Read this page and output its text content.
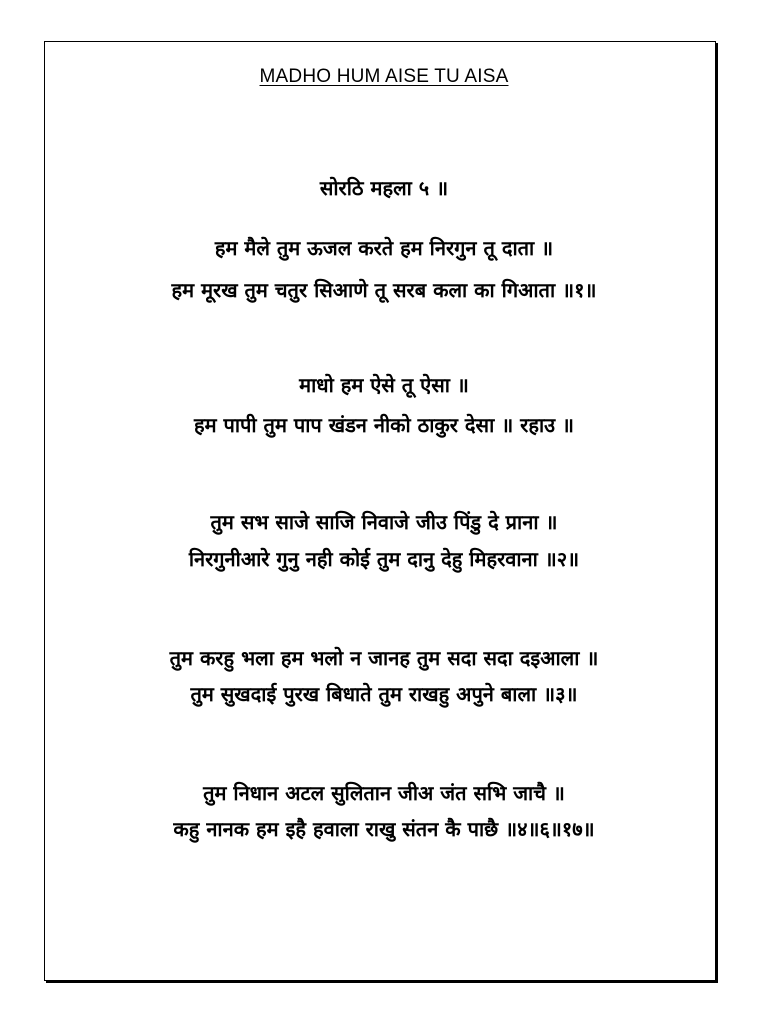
MADHO HUM AISE TU AISA
सोरठि महला ५ ॥
हम मैले तुम ऊजल करते हम निरगुन तू दाता ॥
हम मूरख तुम चतुर सिआणे तू सरब कला का गिआता ॥१॥
माधो हम ऐसे तू ऐसा ॥
हम पापी तुम पाप खंडन नीको ठाकुर देसा ॥ रहाउ ॥
तुम सभ साजे साजि निवाजे जीउ पिंडु दे प्राना ॥
निरगुनीआरे गुनु नही कोई तुम दानु देहु मिहरवाना ॥२॥
तुम करहु भला हम भलो न जानह तुम सदा सदा दइआला ॥
तुम सुखदाई पुरख बिधाते तुम राखहु अपुने बाला ॥३॥
तुम निधान अटल सुलितान जीअ जंत सभि जाचै ॥
कहु नानक हम इहै हवाला राखु संतन कै पाछै ॥४॥६॥१७॥
